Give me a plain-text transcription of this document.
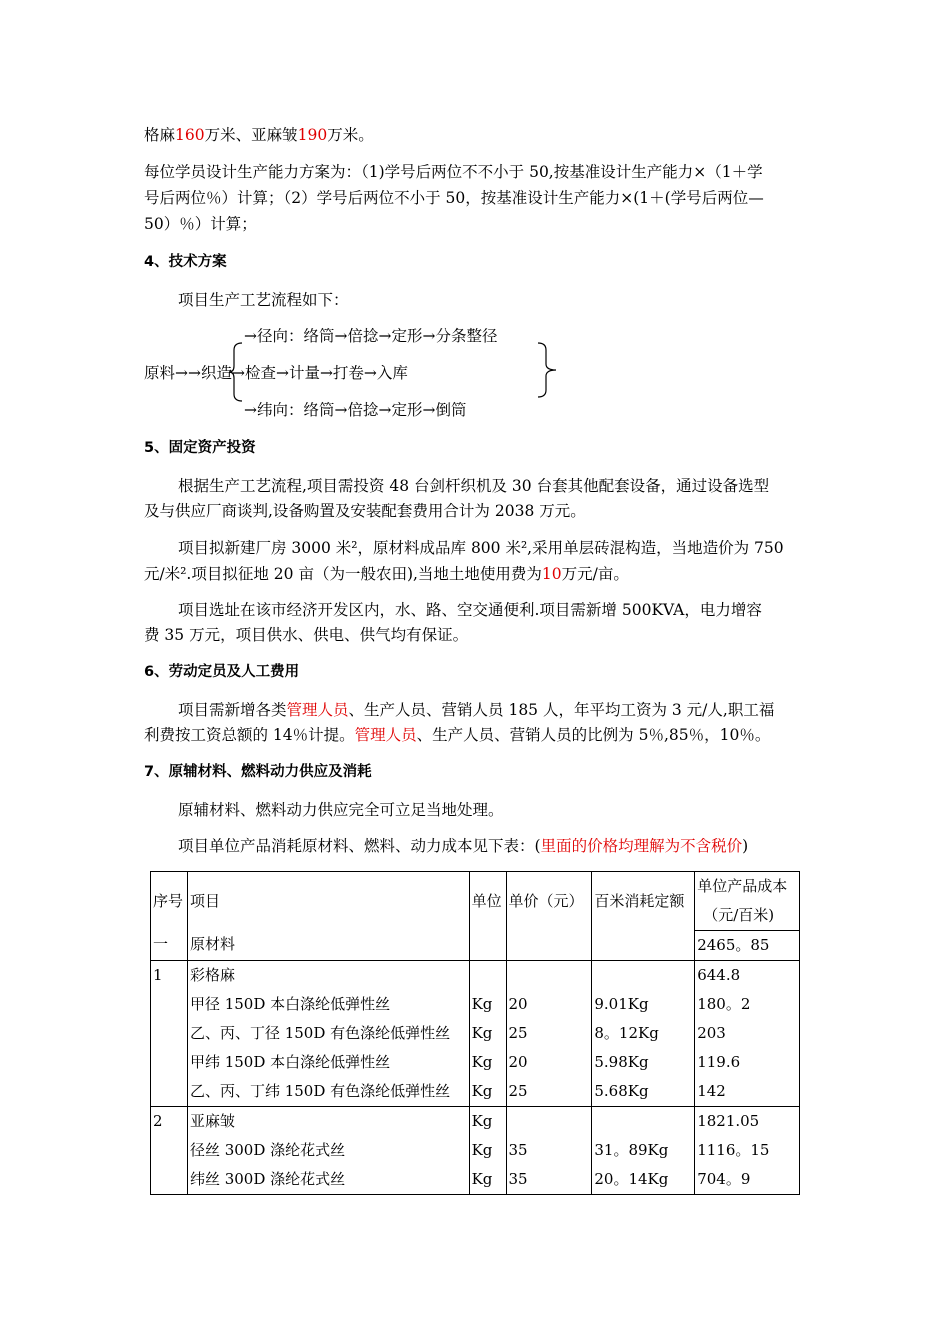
格麻160万米、亚麻皱190万米。
每位学员设计生产能力方案为：（1)学号后两位不不小于 50,按基准设计生产能力×（1＋学
号后两位％）计算；（2）学号后两位不小于 50，按基准设计生产能力×(1＋(学号后两位—
50）％）计算；
4、技术方案
项目生产工艺流程如下：
→径向：络筒→倍捻→定形→分条整径
原料→→织造→检查→计量→打卷→入库
→纬向：络筒→倍捻→定形→倒筒
5、固定资产投资
根据生产工艺流程,项目需投资 48 台剑杆织机及 30 台套其他配套设备，通过设备选型
及与供应厂商谈判,设备购置及安装配套费用合计为 2038 万元。
项目拟新建厂房 3000 米²，原材料成品库 800 米²,采用单层砖混构造，当地造价为 750
元/米².项目拟征地 20 亩（为一般农田),当地土地使用费为10万元/亩。
项目选址在该市经济开发区内，水、路、空交通便利.项目需新增 500KVA，电力增容
费 35 万元，项目供水、供电、供气均有保证。
6、劳动定员及人工费用
项目需新增各类管理人员、生产人员、营销人员 185 人，年平均工资为 3 元/人,职工福
利费按工资总额的 14％计提。管理人员、生产人员、营销人员的比例为 5％,85％，10％。
7、原辅材料、燃料动力供应及消耗
原辅材料、燃料动力供应完全可立足当地处理。
项目单位产品消耗原材料、燃料、动力成本见下表：(里面的价格均理解为不含税价)
序号	项目	单位	单价（元）	百米消耗定额	单位产品成本
（元/百米)

一	原材料				2465。85
1	彩格麻				644.8
	甲径 150D 本白涤纶低弹性丝	Kg	20	9.01Kg	180。2
	乙、丙、丁径 150D 有色涤纶低弹性丝	Kg	25	8。12Kg	203
	甲纬 150D 本白涤纶低弹性丝	Kg	20	5.98Kg	119.6
	乙、丙、丁纬 150D 有色涤纶低弹性丝	Kg	25	5.68Kg	142
2	亚麻皱	Kg			1821.05
	径丝 300D 涤纶花式丝	Kg	35	31。89Kg	1116。15
	纬丝 300D 涤纶花式丝	Kg	35	20。14Kg	704。9
